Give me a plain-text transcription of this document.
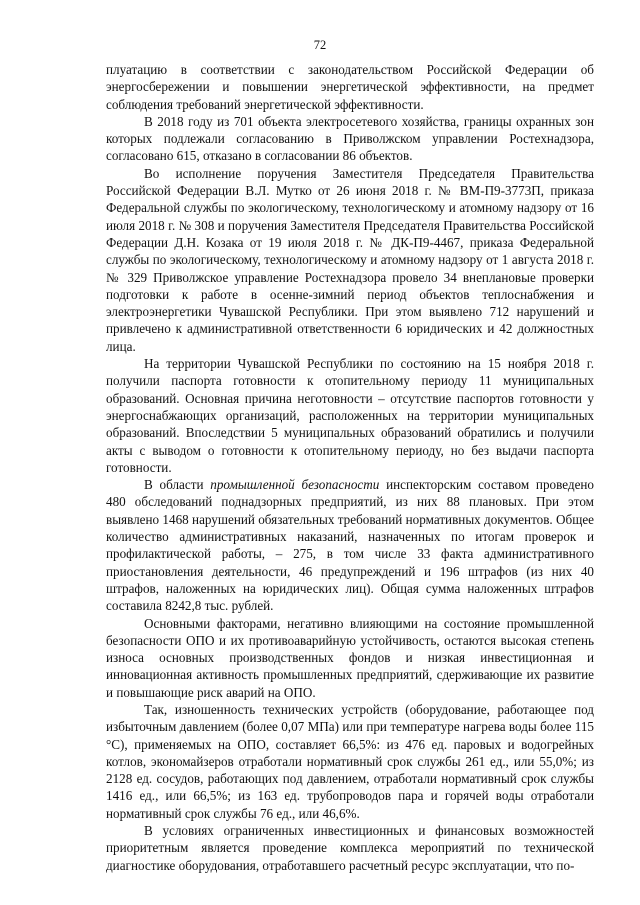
72

плуатацию в соответствии с законодательством Российской Федерации об энергосбережении и повышении энергетической эффективности, на предмет соблюдения требований энергетической эффективности.

В 2018 году из 701 объекта электросетевого хозяйства, границы охранных зон которых подлежали согласованию в Приволжском управлении Ростехнадзора, согласовано 615, отказано в согласовании 86 объектов.

Во исполнение поручения Заместителя Председателя Правительства Российской Федерации В.Л. Мутко от 26 июня 2018 г. № ВМ-П9-3773П, приказа Федеральной службы по экологическому, технологическому и атомному надзору от 16 июля 2018 г. № 308 и поручения Заместителя Председателя Правительства Российской Федерации Д.Н. Козака от 19 июля 2018 г. № ДК-П9-4467, приказа Федеральной службы по экологическому, технологическому и атомному надзору от 1 августа 2018 г. № 329 Приволжское управление Ростехнадзора провело 34 внеплановые проверки подготовки к работе в осенне-зимний период объектов теплоснабжения и электроэнергетики Чувашской Республики. При этом выявлено 712 нарушений и привлечено к административной ответственности 6 юридических и 42 должностных лица.

На территории Чувашской Республики по состоянию на 15 ноября 2018 г. получили паспорта готовности к отопительному периоду 11 муниципальных образований. Основная причина неготовности – отсутствие паспортов готовности у энергоснабжающих организаций, расположенных на территории муниципальных образований. Впоследствии 5 муниципальных образований обратились и получили акты с выводом о готовности к отопительному периоду, но без выдачи паспорта готовности.

В области промышленной безопасности инспекторским составом проведено 480 обследований поднадзорных предприятий, из них 88 плановых. При этом выявлено 1468 нарушений обязательных требований нормативных документов. Общее количество административных наказаний, назначенных по итогам проверок и профилактической работы, – 275, в том числе 33 факта административного приостановления деятельности, 46 предупреждений и 196 штрафов (из них 40 штрафов, наложенных на юридических лиц). Общая сумма наложенных штрафов составила 8242,8 тыс. рублей.

Основными факторами, негативно влияющими на состояние промышленной безопасности ОПО и их противоаварийную устойчивость, остаются высокая степень износа основных производственных фондов и низкая инвестиционная и инновационная активность промышленных предприятий, сдерживающие их развитие и повышающие риск аварий на ОПО.

Так, изношенность технических устройств (оборудование, работающее под избыточным давлением (более 0,07 МПа) или при температуре нагрева воды более 115 °С), применяемых на ОПО, составляет 66,5%: из 476 ед. паровых и водогрейных котлов, экономайзеров отработали нормативный срок службы 261 ед., или 55,0%; из 2128 ед. сосудов, работающих под давлением, отработали нормативный срок службы 1416 ед., или 66,5%; из 163 ед. трубопроводов пара и горячей воды отработали нормативный срок службы 76 ед., или 46,6%.

В условиях ограниченных инвестиционных и финансовых возможностей приоритетным является проведение комплекса мероприятий по технической диагностике оборудования, отработавшего расчетный ресурс эксплуатации, что по-
